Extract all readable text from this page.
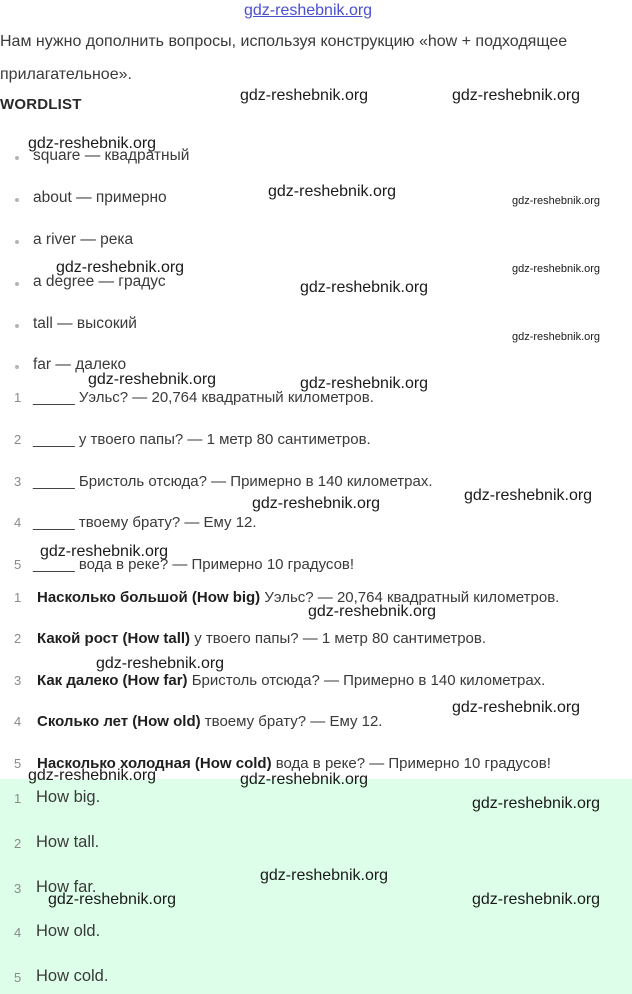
gdz-reshebnik.org
Нам нужно дополнить вопросы, используя конструкцию «how + подходящее
прилагательное».
WORDLIST
square — квадратный
about — примерно
a river — река
a degree — градус
tall — высокий
far — далеко
1 _____ Уэльс? — 20,764 квадратный километров.
2 _____ у твоего папы? — 1 метр 80 сантиметров.
3 _____ Бристоль отсюда? — Примерно в 140 километрах.
4 _____ твоему брату? — Ему 12.
5 _____ вода в реке? — Примерно 10 градусов!
1 Насколько большой (How big) Уэльс? — 20,764 квадратный километров.
2 Какой рост (How tall) у твоего папы? — 1 метр 80 сантиметров.
3 Как далеко (How far) Бристоль отсюда? — Примерно в 140 километрах.
4 Сколько лет (How old) твоему брату? — Ему 12.
5 Насколько холодная (How cold) вода в реке? — Примерно 10 градусов!
1 How big.
2 How tall.
3 How far.
4 How old.
5 How cold.
gdz-reshebnik.org	gdz-reshebnik.org
gdz-reshebnik.org
gdz-reshebnik.org
gdz-reshebnik.org
gdz-reshebnik.org	gdz-reshebnik.org
gdz-reshebnik.org
gdz-reshebnik.org
gdz-reshebnik.org	gdz-reshebnik.org
gdz-reshebnik.org
gdz-reshebnik.org
gdz-reshebnik.org
gdz-reshebnik.org
gdz-reshebnik.org
gdz-reshebnik.org
gdz-reshebnik.org	gdz-reshebnik.org
gdz-reshebnik.org
gdz-reshebnik.org
gdz-reshebnik.org	gdz-reshebnik.org
